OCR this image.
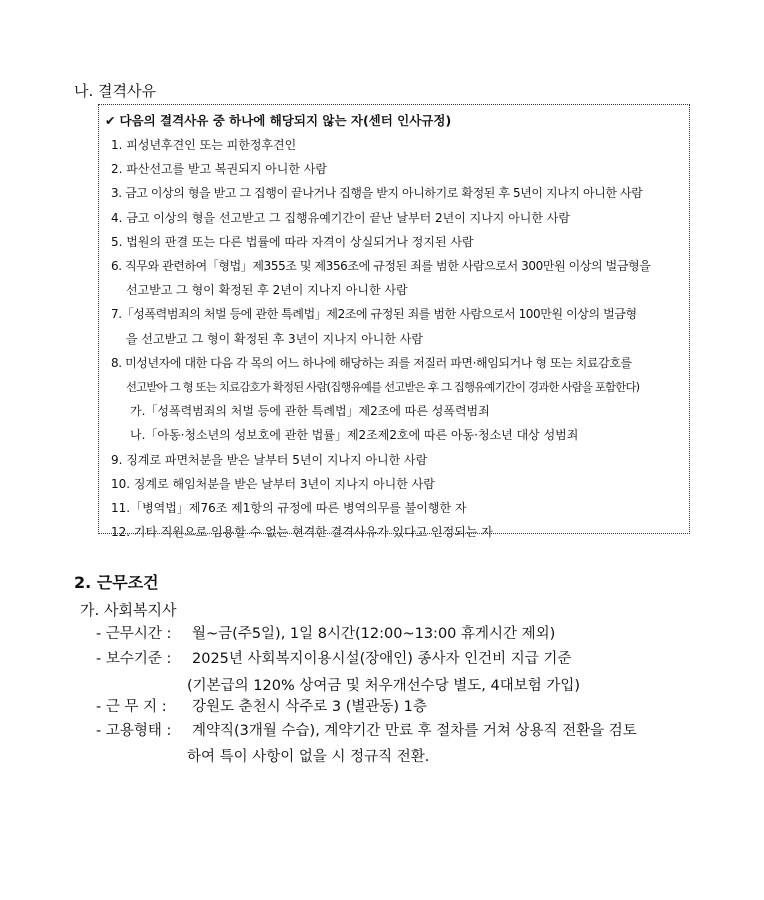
나. 결격사유
✔ 다음의 결격사유 중 하나에 해당되지 않는 자(센터 인사규정)
1. 피성년후견인 또는 피한정후견인
2. 파산선고를 받고 복권되지 아니한 사람
3. 금고 이상의 형을 받고 그 집행이 끝나거나 집행을 받지 아니하기로 확정된 후 5년이 지나지 아니한 사람
4. 금고 이상의 형을 선고받고 그 집행유예기간이 끝난 날부터 2년이 지나지 아니한 사람
5. 법원의 판결 또는 다른 법률에 따라 자격이 상실되거나 정지된 사람
6. 직무와 관련하여「형법」제355조 및 제356조에 규정된 죄를 범한 사람으로서 300만원 이상의 벌금형을
선고받고 그 형이 확정된 후 2년이 지나지 아니한 사람
7.「성폭력범죄의 처벌 등에 관한 특례법」제2조에 규정된 죄를 범한 사람으로서 100만원 이상의 벌금형
을 선고받고 그 형이 확정된 후 3년이 지나지 아니한 사람
8. 미성년자에 대한 다음 각 목의 어느 하나에 해당하는 죄를 저질러 파면·해임되거나 형 또는 치료감호를
선고받아 그 형 또는 치료감호가 확정된 사람(집행유예를 선고받은 후 그 집행유예기간이 경과한 사람을 포함한다)
가.「성폭력범죄의 처벌 등에 관한 특례법」제2조에 따른 성폭력범죄
나.「아동·청소년의 성보호에 관한 법률」제2조제2호에 따른 아동·청소년 대상 성범죄
9. 징계로 파면처분을 받은 날부터 5년이 지나지 아니한 사람
10. 징계로 해임처분을 받은 날부터 3년이 지나지 아니한 사람
11.「병역법」제76조 제1항의 규정에 따른 병역의무를 불이행한 자
12. 기타 직원으로 임용할 수 없는 현격한 결격사유가 있다고 인정되는 자
2. 근무조건
가. 사회복지사
- 근무시간 : 월~금(주5일), 1일 8시간(12:00~13:00 휴게시간 제외)
- 보수기준 : 2025년 사회복지이용시설(장애인) 종사자 인건비 지급 기준
(기본급의 120% 상여금 및 처우개선수당 별도, 4대보험 가입)
- 근 무 지 : 강원도 춘천시 삭주로 3 (별관동) 1층
- 고용형태 : 계약직(3개월 수습), 계약기간 만료 후 절차를 거쳐 상용직 전환을 검토
하여 특이 사항이 없을 시 정규직 전환.
